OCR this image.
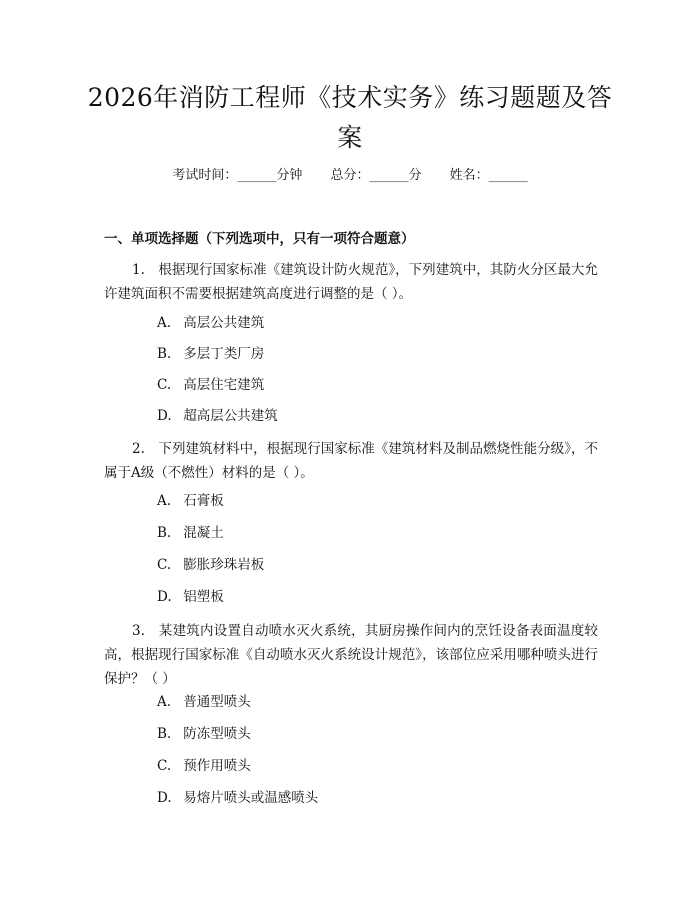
2026年消防工程师《技术实务》练习题题及答案
考试时间：______分钟 总分：______分 姓名：______
一、单项选择题（下列选项中，只有一项符合题意）
1.　根据现行国家标准《建筑设计防火规范》，下列建筑中，其防火分区最大允许建筑面积不需要根据建筑高度进行调整的是（ ）。
A. 高层公共建筑
B. 多层丁类厂房
C. 高层住宅建筑
D. 超高层公共建筑
2.　下列建筑材料中，根据现行国家标准《建筑材料及制品燃烧性能分级》，不属于A级（不燃性）材料的是（ ）。
A. 石膏板
B. 混凝土
C. 膨胀珍珠岩板
D. 铝塑板
3.　某建筑内设置自动喷水灭火系统，其厨房操作间内的烹饪设备表面温度较高，根据现行国家标准《自动喷水灭火系统设计规范》，该部位应采用哪种喷头进行保护？（ ）
A. 普通型喷头
B. 防冻型喷头
C. 预作用喷头
D. 易熔片喷头或温感喷头
